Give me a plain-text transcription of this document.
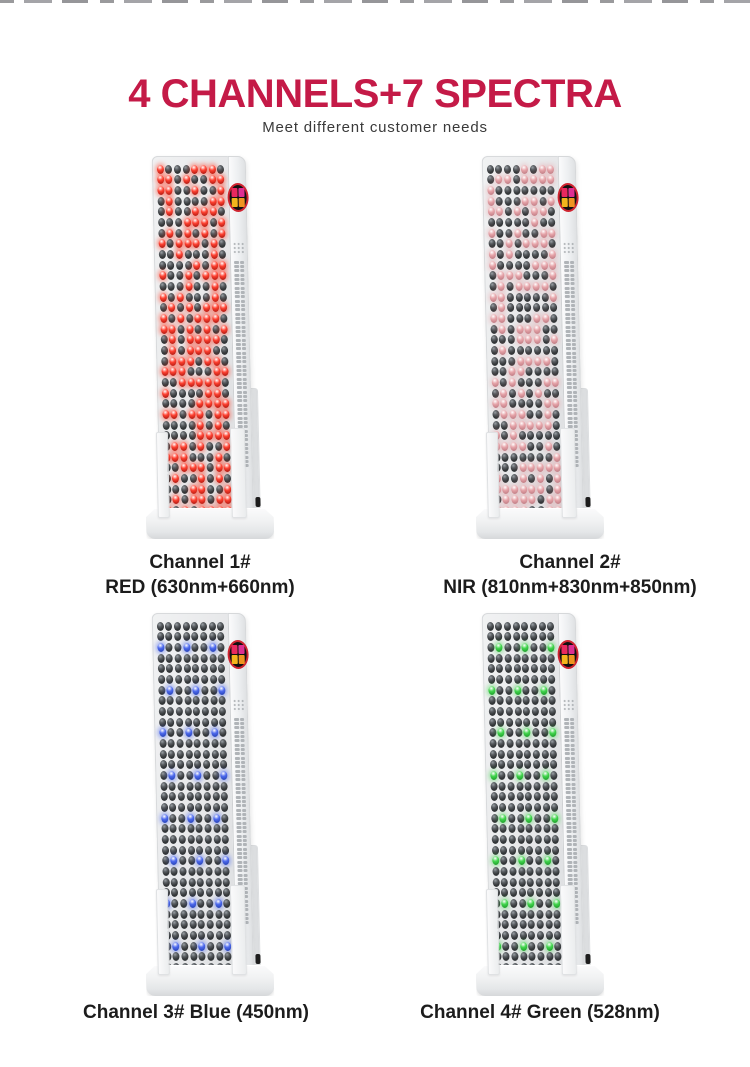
4 CHANNELS+7 SPECTRA
Meet different customer needs
Channel 1#
RED (630nm+660nm)
Channel 2#
NIR (810nm+830nm+850nm)
Channel 3# Blue (450nm)	Channel 4# Green (528nm)
